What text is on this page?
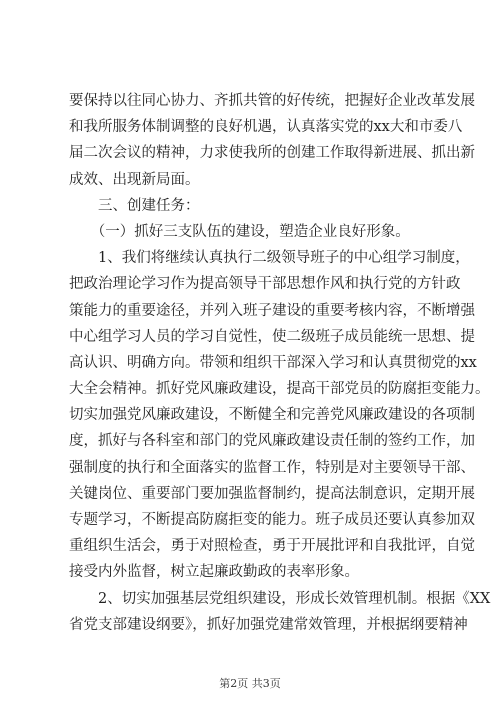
要保持以往同心协力、齐抓共管的好传统，把握好企业改革发展
和我所服务体制调整的良好机遇，认真落实党的xx大和市委八
届二次会议的精神，力求使我所的创建工作取得新进展、抓出新
成效、出现新局面。
　　三、创建任务：
　　（一）抓好三支队伍的建设，塑造企业良好形象。
　　1、我们将继续认真执行二级领导班子的中心组学习制度，
把政治理论学习作为提高领导干部思想作风和执行党的方针政
策能力的重要途径，并列入班子建设的重要考核内容，不断增强
中心组学习人员的学习自觉性，使二级班子成员能统一思想、提
高认识、明确方向。带领和组织干部深入学习和认真贯彻党的xx
大全会精神。抓好党风廉政建设，提高干部党员的防腐拒变能力。
切实加强党风廉政建设，不断健全和完善党风廉政建设的各项制
度，抓好与各科室和部门的党风廉政建设责任制的签约工作，加
强制度的执行和全面落实的监督工作，特别是对主要领导干部、
关键岗位、重要部门要加强监督制约，提高法制意识，定期开展
专题学习，不断提高防腐拒变的能力。班子成员还要认真参加双
重组织生活会，勇于对照检查，勇于开展批评和自我批评，自觉
接受内外监督，树立起廉政勤政的表率形象。
　　2、切实加强基层党组织建设，形成长效管理机制。根据《XX
省党支部建设纲要》，抓好加强党建常效管理，并根据纲要精神
第2页 共3页
